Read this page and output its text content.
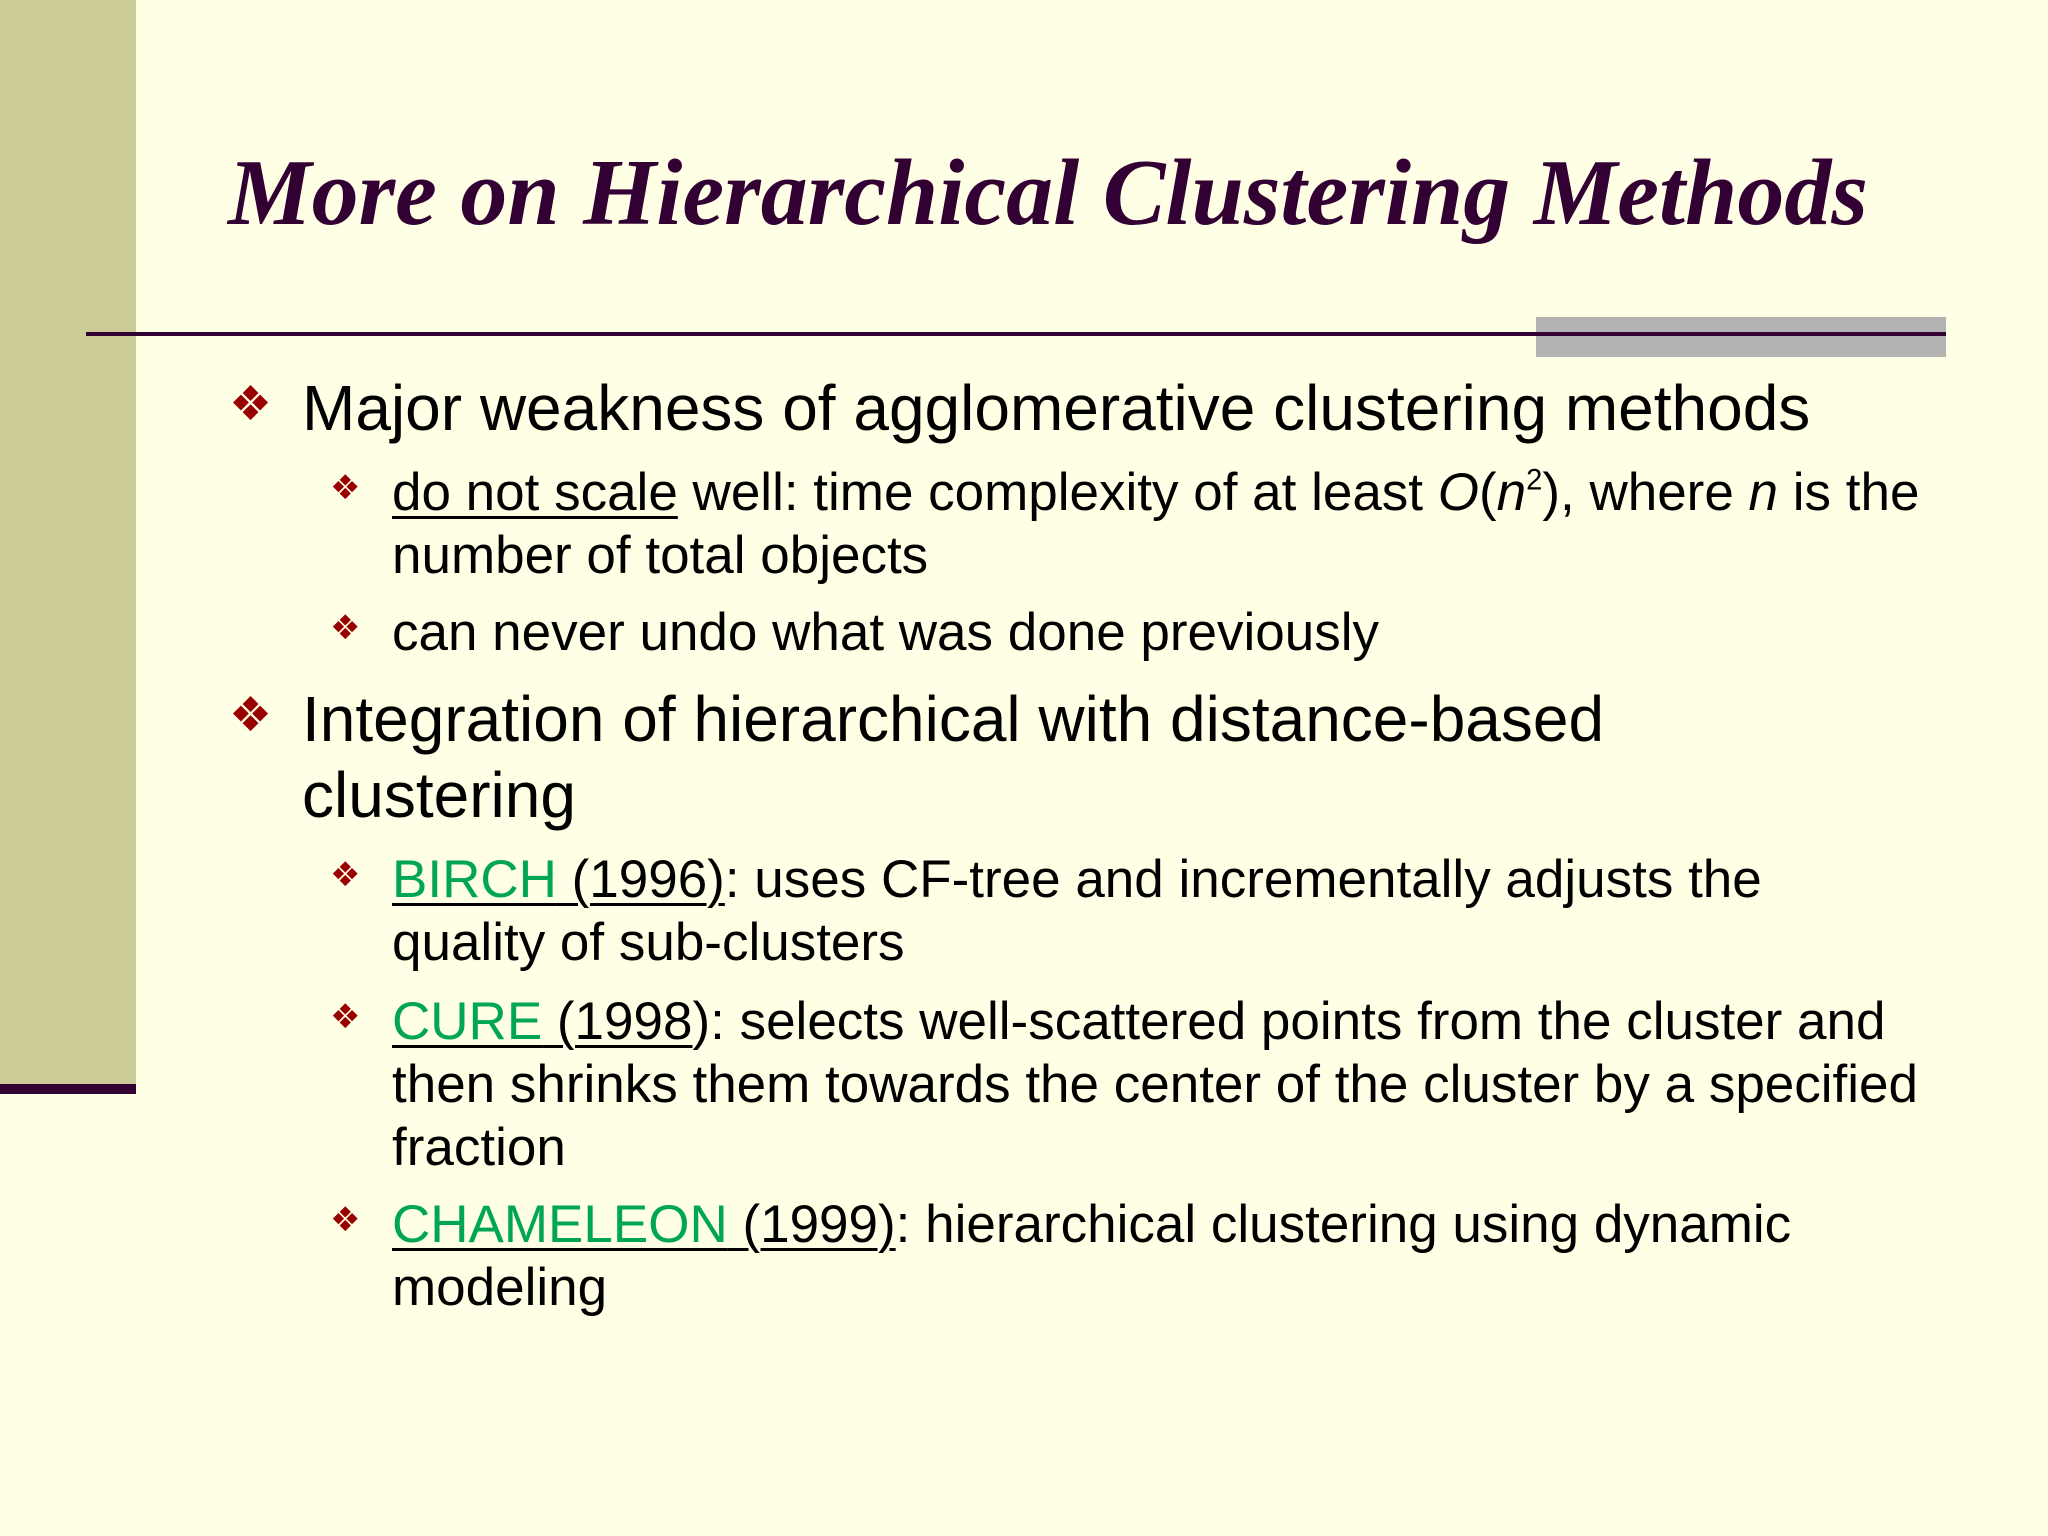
More on Hierarchical Clustering Methods
❖ Major weakness of agglomerative clustering methods
❖ do not scale well: time complexity of at least $O(n^2)$, where n is the number of total objects
❖ can never undo what was done previously
❖ Integration of hierarchical with distance-based clustering
❖ BIRCH (1996): uses CF-tree and incrementally adjusts the quality of sub-clusters
❖ CURE (1998): selects well-scattered points from the cluster and then shrinks them towards the center of the cluster by a specified fraction
❖ CHAMELEON (1999): hierarchical clustering using dynamic modeling
